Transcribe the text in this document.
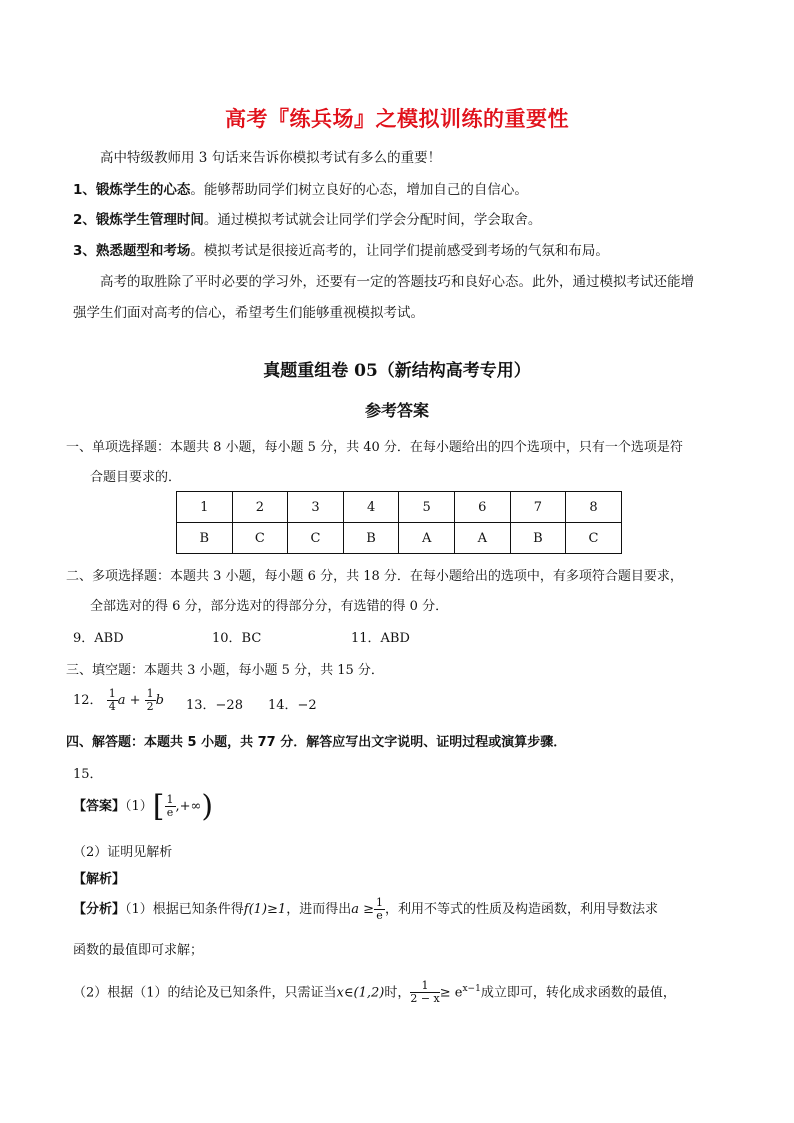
高考『练兵场』之模拟训练的重要性
高中特级教师用 3 句话来告诉你模拟考试有多么的重要！
1、锻炼学生的心态。能够帮助同学们树立良好的心态，增加自己的自信心。
2、锻炼学生管理时间。通过模拟考试就会让同学们学会分配时间，学会取舍。
3、熟悉题型和考场。模拟考试是很接近高考的，让同学们提前感受到考场的气氛和布局。
高考的取胜除了平时必要的学习外，还要有一定的答题技巧和良好心态。此外，通过模拟考试还能增
强学生们面对高考的信心，希望考生们能够重视模拟考试。
真题重组卷 05（新结构高考专用）
参考答案
一、单项选择题：本题共 8 小题，每小题 5 分，共 40 分．在每小题给出的四个选项中，只有一个选项是符
合题目要求的．
1	2	3	4	5	6	7	8
B	C	C	B	A	A	B	C
二、多项选择题：本题共 3 小题，每小题 6 分，共 18 分．在每小题给出的选项中，有多项符合题目要求，
全部选对的得 6 分，部分选对的得部分分，有选错的得 0 分．
9．ABD	10．BC	11．ABD
三、填空题：本题共 3 小题，每小题 5 分，共 15 分．
12． $\frac{1}{4}$ $a + \frac{1}{2}$ b 13．−28 14．−2
四、解答题：本题共 5 小题，共 77 分．解答应写出文字说明、证明过程或演算步骤．
15．
【答案】$(1)[ \frac{1}{e}$ ,+∞)
（2）证明见解析
【解析】
【分析】（1）根据已知条件得f(1)≥1，进而得出$a \ge \frac{1}{e}$ ，利用不等式的性质及构造函数，利用导数法求
函数的最值即可求解；
（2）根据（1）的结论及已知条件，只需证当x∈(1,2)时， $\frac{1}{2 - x} \ge e^{x-1}$成立即可，转化成求函数的最值，
